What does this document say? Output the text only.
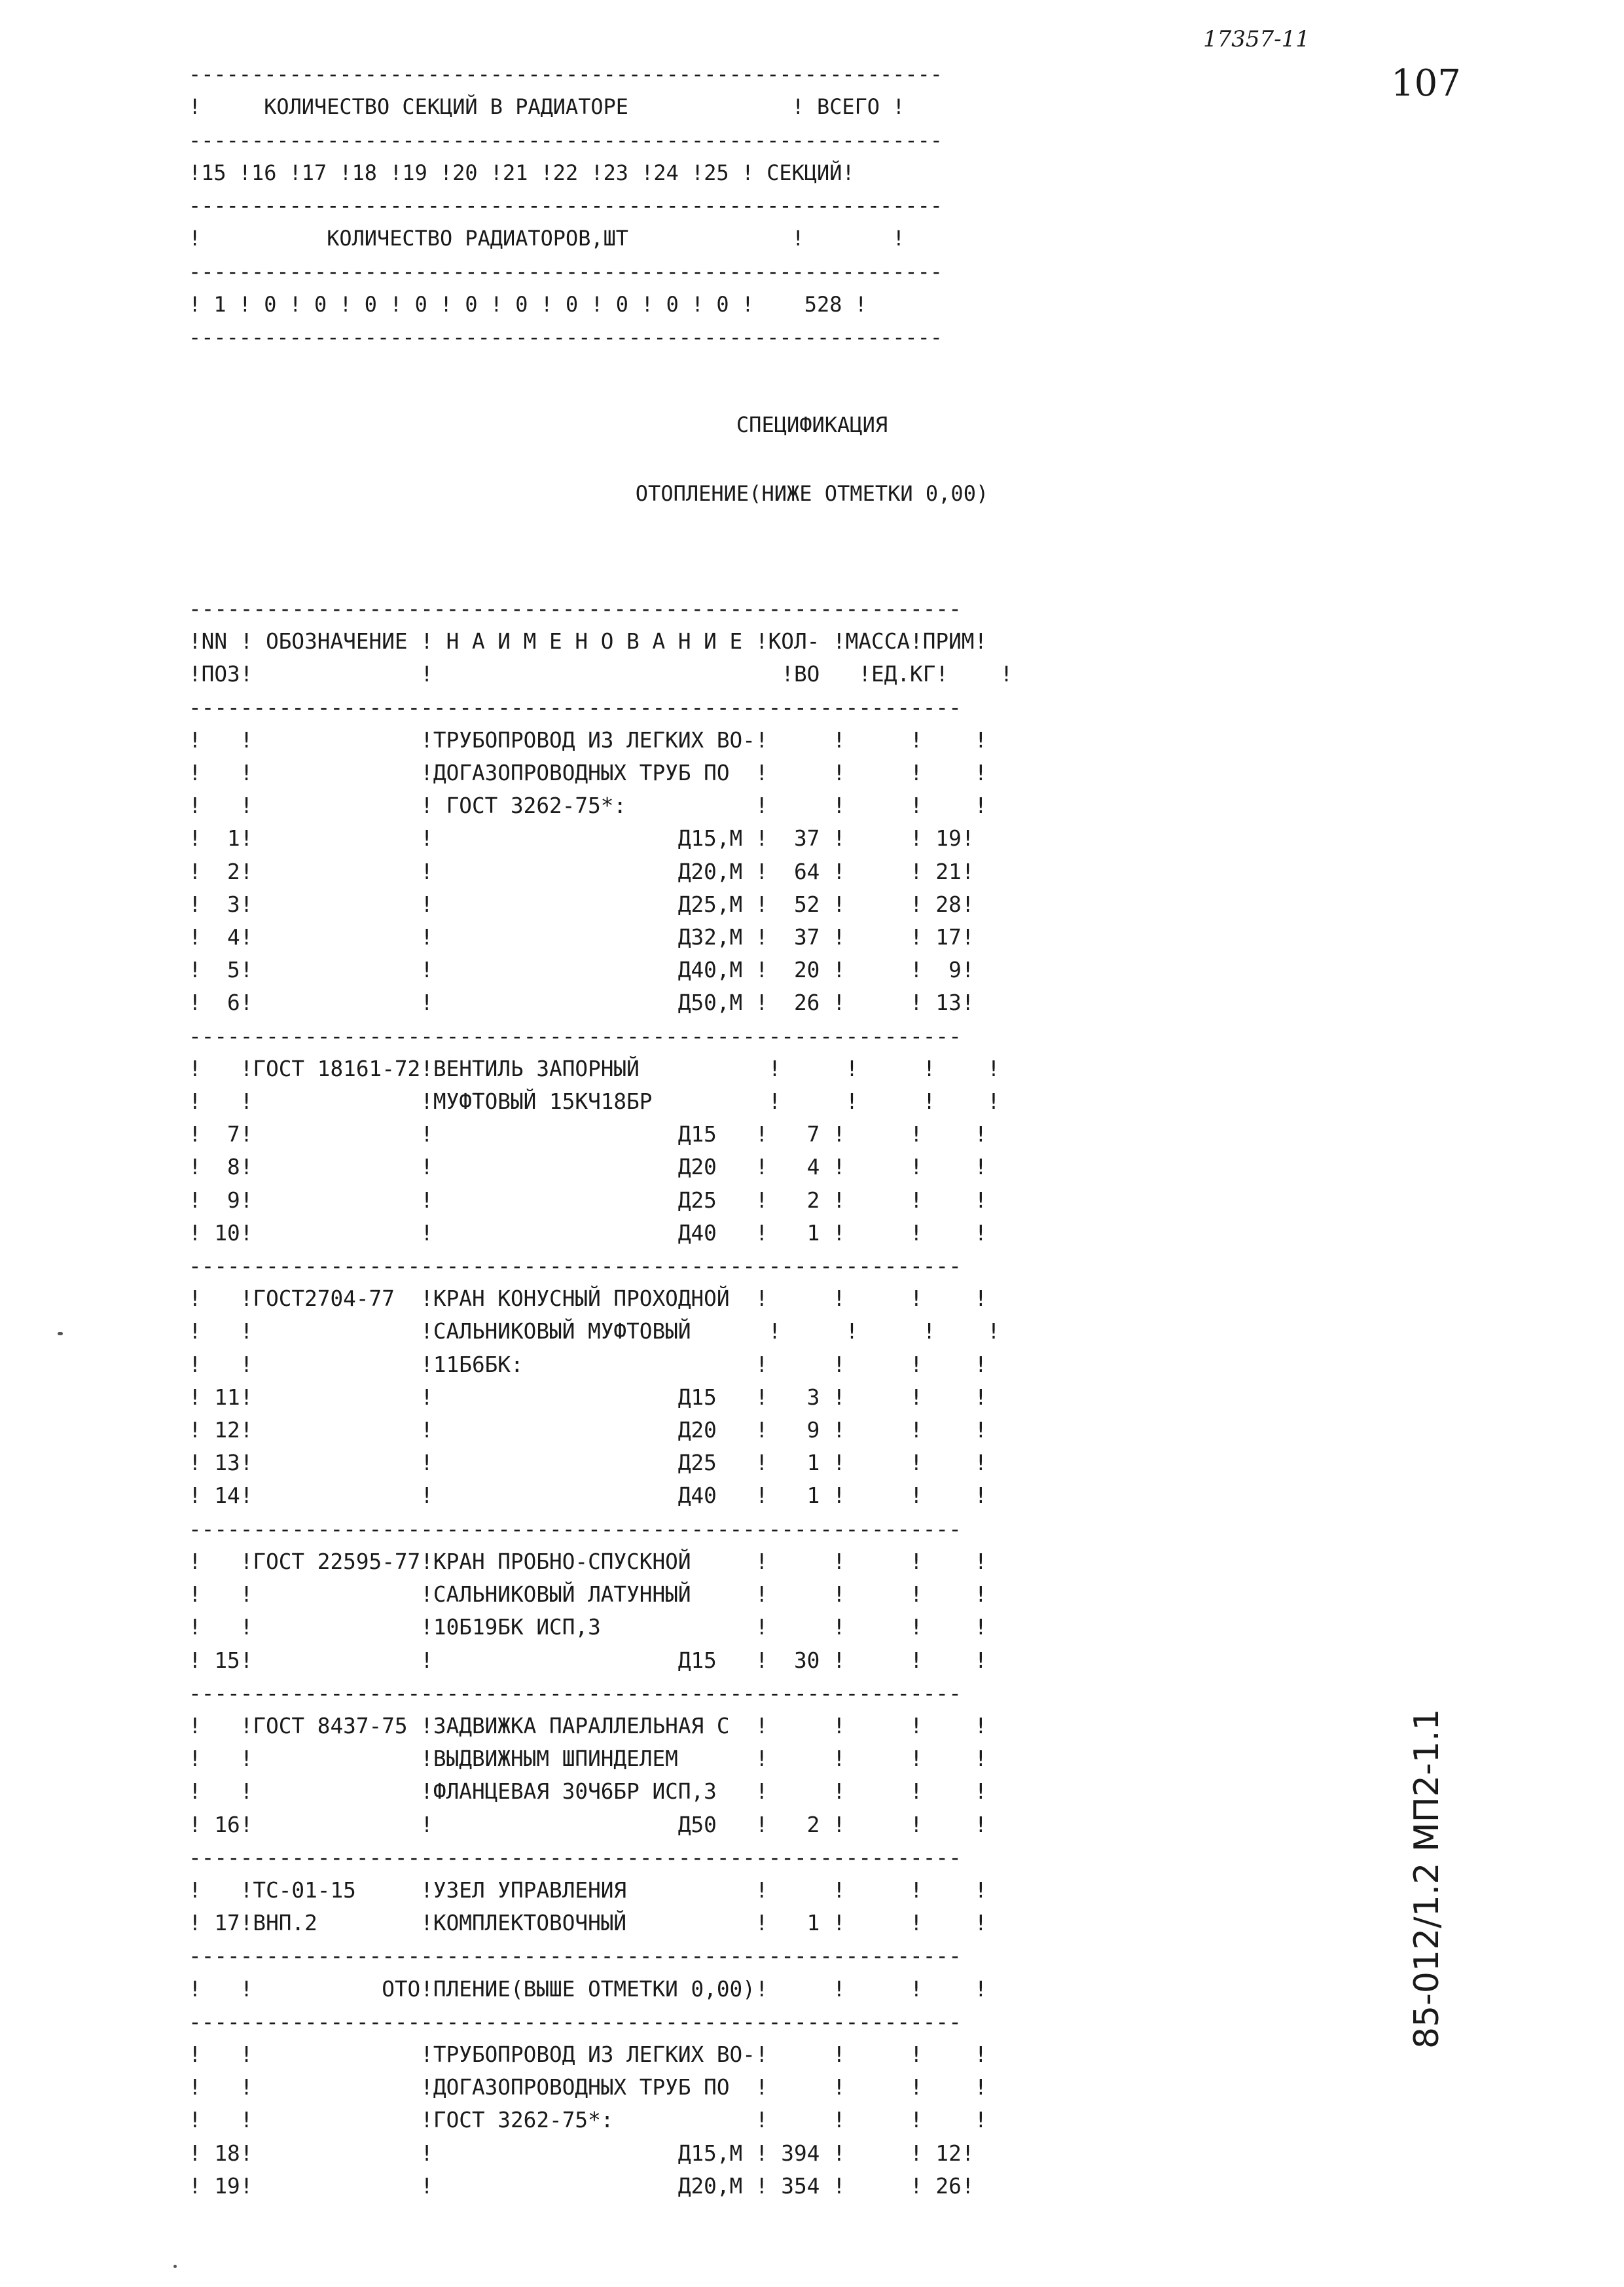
17357-11
107
------------------------------------------------------------
!     КОЛИЧЕСТВО СЕКЦИЙ В РАДИАТОРЕ             ! ВСЕГО !
------------------------------------------------------------
!15 !16 !17 !18 !19 !20 !21 !22 !23 !24 !25 ! СЕКЦИЙ!
------------------------------------------------------------
!          КОЛИЧЕСТВО РАДИАТОРОВ,ШТ             !       !
------------------------------------------------------------
! 1 ! 0 ! 0 ! 0 ! 0 ! 0 ! 0 ! 0 ! 0 ! 0 ! 0 !    528 !
------------------------------------------------------------
СПЕЦИФИКАЦИЯ
ОТОПЛЕНИЕ(НИЖЕ ОТМЕТКИ 0,00)
------------------------------------------------------------
!NN ! ОБОЗНАЧЕНИЕ ! Н А И М Е Н О В А Н И Е !КОЛ- !МАССА!ПРИМ!
!ПОЗ!             !                           !ВО   !ЕД.КГ!    !
------------------------------------------------------------
!   !             !ТРУБОПРОВОД ИЗ ЛЕГКИХ ВО-!     !     !    !
!   !             !ДОГАЗОПРОВОДНЫХ ТРУБ ПО  !     !     !    !
!   !             ! ГОСТ 3262-75*:          !     !     !    !
!  1!             !                   Д15,М !  37 !     ! 19!
!  2!             !                   Д20,М !  64 !     ! 21!
!  3!             !                   Д25,М !  52 !     ! 28!
!  4!             !                   Д32,М !  37 !     ! 17!
!  5!             !                   Д40,М !  20 !     !  9!
!  6!             !                   Д50,М !  26 !     ! 13!
------------------------------------------------------------
!   !ГОСТ 18161-72!ВЕНТИЛЬ ЗАПОРНЫЙ          !     !     !    !
!   !             !МУФТОВЫЙ 15КЧ18БР         !     !     !    !
!  7!             !                   Д15   !   7 !     !    !
!  8!             !                   Д20   !   4 !     !    !
!  9!             !                   Д25   !   2 !     !    !
! 10!             !                   Д40   !   1 !     !    !
------------------------------------------------------------
!   !ГОСТ2704-77  !КРАН КОНУСНЫЙ ПРОХОДНОЙ  !     !     !    !
!   !             !САЛЬНИКОВЫЙ МУФТОВЫЙ      !     !     !    !
!   !             !11Б6БК:                  !     !     !    !
! 11!             !                   Д15   !   3 !     !    !
! 12!             !                   Д20   !   9 !     !    !
! 13!             !                   Д25   !   1 !     !    !
! 14!             !                   Д40   !   1 !     !    !
------------------------------------------------------------
!   !ГОСТ 22595-77!КРАН ПРОБНО-СПУСКНОЙ     !     !     !    !
!   !             !САЛЬНИКОВЫЙ ЛАТУННЫЙ     !     !     !    !
!   !             !10Б19БК ИСП,3            !     !     !    !
! 15!             !                   Д15   !  30 !     !    !
------------------------------------------------------------
!   !ГОСТ 8437-75 !ЗАДВИЖКА ПАРАЛЛЕЛЬНАЯ С  !     !     !    !
!   !             !ВЫДВИЖНЫМ ШПИНДЕЛЕМ      !     !     !    !
!   !             !ФЛАНЦЕВАЯ 30Ч6БР ИСП,3   !     !     !    !
! 16!             !                   Д50   !   2 !     !    !
------------------------------------------------------------
!   !ТС-01-15     !УЗЕЛ УПРАВЛЕНИЯ          !     !     !    !
! 17!ВНП.2        !КОМПЛЕКТОВОЧНЫЙ          !   1 !     !    !
------------------------------------------------------------
!   !          ОТО!ПЛЕНИЕ(ВЫШЕ ОТМЕТКИ 0,00)!     !     !    !
------------------------------------------------------------
!   !             !ТРУБОПРОВОД ИЗ ЛЕГКИХ ВО-!     !     !    !
!   !             !ДОГАЗОПРОВОДНЫХ ТРУБ ПО  !     !     !    !
!   !             !ГОСТ 3262-75*:           !     !     !    !
! 18!             !                   Д15,М ! 394 !     ! 12!
! 19!             !                   Д20,М ! 354 !     ! 26!
85-012/1.2 МП2-1.1
